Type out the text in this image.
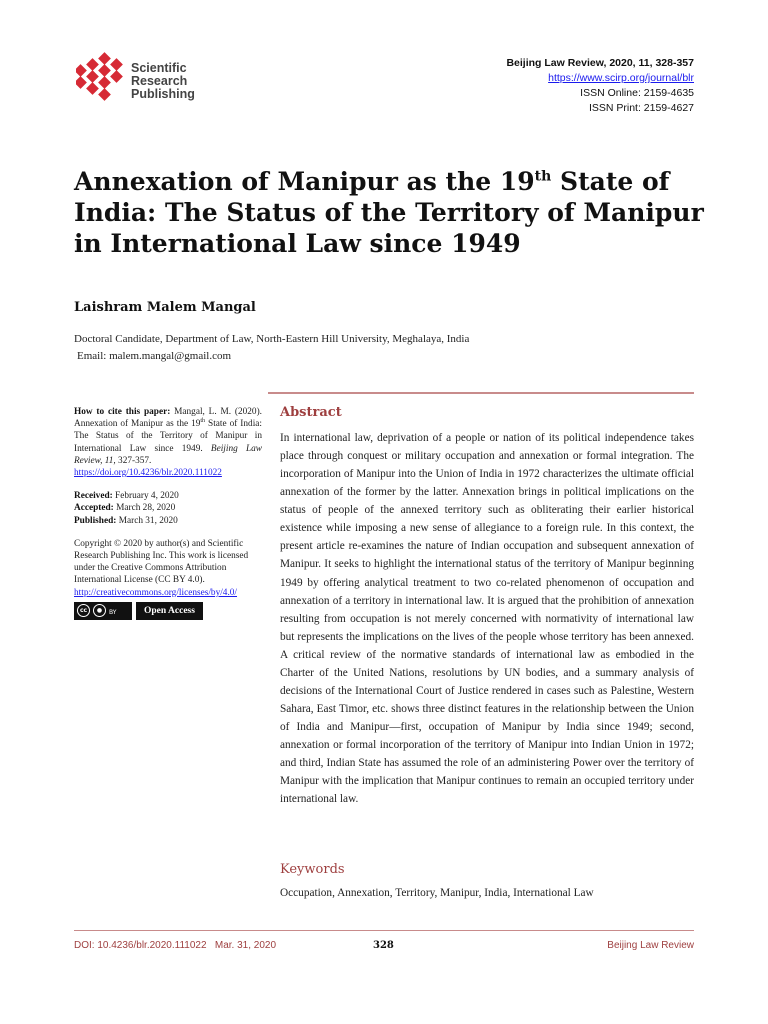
Scientific
Research
Publishing
Beijing Law Review, 2020, 11, 328-357
https://www.scirp.org/journal/blr
ISSN Online: 2159-4635
ISSN Print: 2159-4627
Annexation of Manipur as the 19th State of India: The Status of the Territory of Manipur in International Law since 1949
Laishram Malem Mangal
Doctoral Candidate, Department of Law, North-Eastern Hill University, Meghalaya, India
Email: malem.mangal@gmail.com
How to cite this paper: Mangal, L. M. (2020). Annexation of Manipur as the 19th State of India: The Status of the Territory of Manipur in International Law since 1949. Beijing Law Review, 11, 327-357.
https://doi.org/10.4236/blr.2020.111022
Received: February 4, 2020
Accepted: March 28, 2020
Published: March 31, 2020
Copyright © 2020 by author(s) and Scientific Research Publishing Inc. This work is licensed under the Creative Commons Attribution International License (CC BY 4.0).
http://creativecommons.org/licenses/by/4.0/
cc	●	BY	Open Access
Abstract
In international law, deprivation of a people or nation of its political independence takes place through conquest or military occupation and annexation or formal integration. The incorporation of Manipur into the Union of India in 1972 characterizes the ultimate official annexation of the former by the latter. Annexation brings in political implications on the status of people of the annexed territory such as obliterating their earlier historical existence while imposing a new sense of allegiance to a foreign rule. In this context, the present article re-examines the nature of Indian occupation and subsequent annexation of Manipur. It seeks to highlight the international status of the territory of Manipur beginning 1949 by offering analytical treatment to two co-related phenomenon of occupation and annexation of a territory in international law. It is argued that the prohibition of annexation resulting from occupation is not merely concerned with normativity of international law but represents the implications on the lives of the people whose territory has been annexed. A critical review of the normative standards of international law as embodied in the Charter of the United Nations, resolutions by UN bodies, and a summary analysis of decisions of the International Court of Justice rendered in cases such as Palestine, Western Sahara, East Timor, etc. shows three distinct features in the relationship between the Union of India and Manipur—first, occupation of Manipur by India since 1949; second, annexation or formal incorporation of the territory of Manipur into Indian Union in 1972; and third, Indian State has assumed the role of an administering Power over the territory of Manipur with the implication that Manipur continues to remain an occupied territory under international law.
Keywords
Occupation, Annexation, Territory, Manipur, India, International Law
DOI: 10.4236/blr.2020.111022 Mar. 31, 2020	328	Beijing Law Review
